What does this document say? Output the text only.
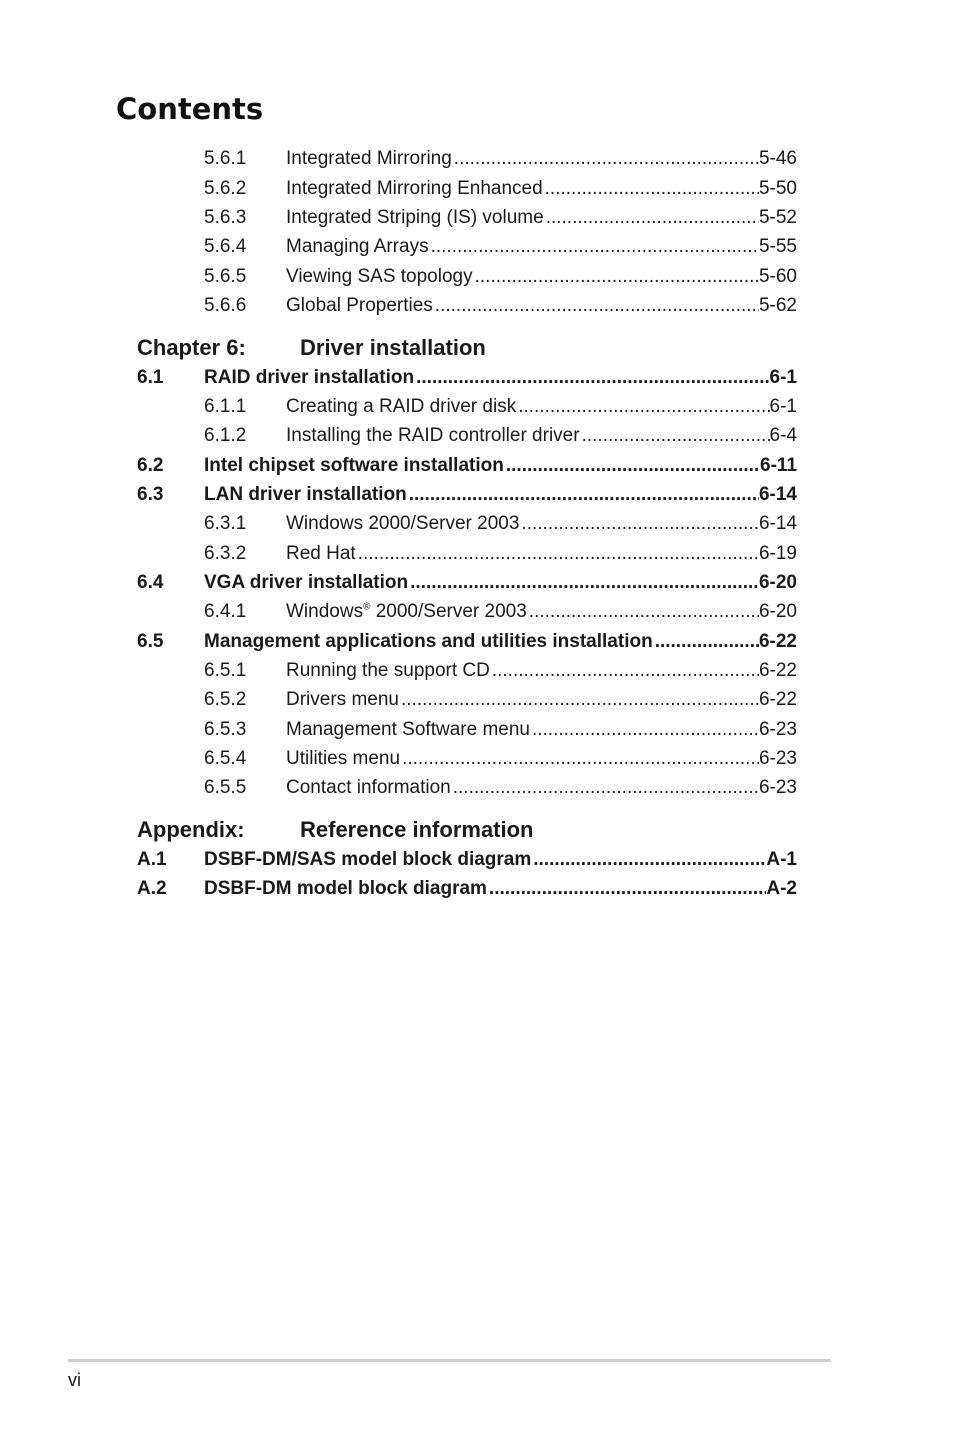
Contents
5.6.1 Integrated Mirroring .....	5-46
5.6.2 Integrated Mirroring Enhanced .....	5-50
5.6.3 Integrated Striping (IS) volume .....	5-52
5.6.4 Managing Arrays .....	5-55
5.6.5 Viewing SAS topology .....	5-60
5.6.6 Global Properties .....	5-62
Chapter 6: Driver installation
6.1 RAID driver installation .....	6-1
6.1.1 Creating a RAID driver disk .....	6-1
6.1.2 Installing the RAID controller driver .....	6-4
6.2 Intel chipset software installation .....	6-11
6.3 LAN driver installation .....	6-14
6.3.1 Windows 2000/Server 2003 .....	6-14
6.3.2 Red Hat .....	6-19
6.4 VGA driver installation .....	6-20
6.4.1 Windows® 2000/Server 2003 .....	6-20
6.5 Management applications and utilities installation .....	6-22
6.5.1 Running the support CD .....	6-22
6.5.2 Drivers menu .....	6-22
6.5.3 Management Software menu .....	6-23
6.5.4 Utilities menu .....	6-23
6.5.5 Contact information .....	6-23
Appendix:	Reference information
A.1 DSBF-DM/SAS model block diagram .....	A-1
A.2 DSBF-DM model block diagram .....	A-2
vi
